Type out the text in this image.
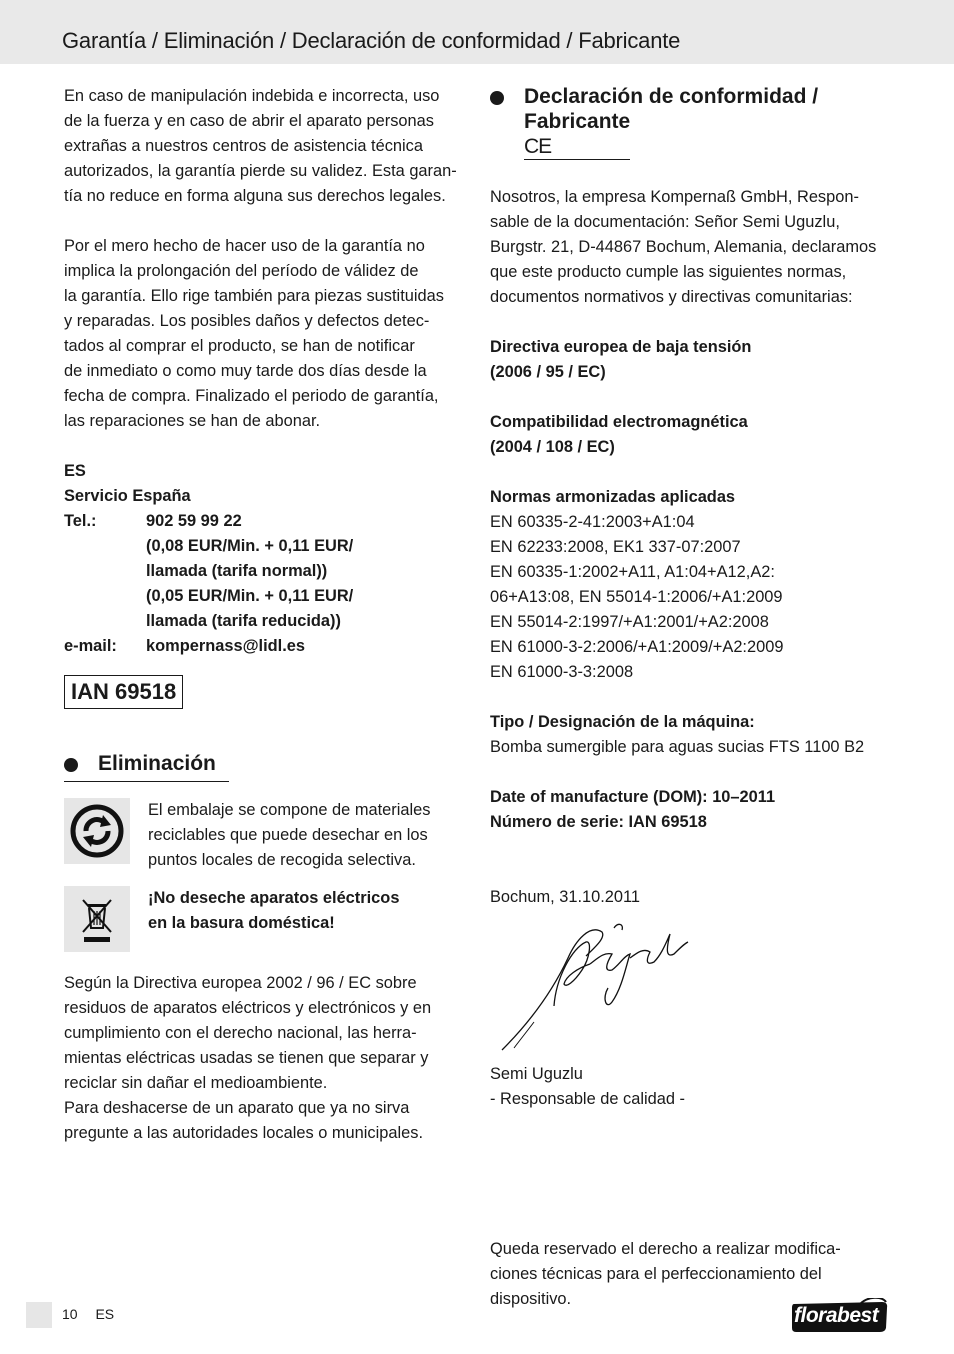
Garantía / Eliminación / Declaración de conformidad / Fabricante

En caso de manipulación indebida e incorrecta, uso
de la fuerza y en caso de abrir el aparato personas
extrañas a nuestros centros de asistencia técnica
autorizados, la garantía pierde su validez. Esta garan-
tía no reduce en forma alguna sus derechos legales.

Por el mero hecho de hacer uso de la garantía no
implica la prolongación del período de válidez de
la garantía. Ello rige también para piezas sustituidas
y reparadas. Los posibles daños y defectos detec-
tados al comprar el producto, se han de notificar
de inmediato o como muy tarde dos días desde la
fecha de compra. Finalizado el periodo de garantía,
las reparaciones se han de abonar.

ES
Servicio España
Tel.:	902 59 99 22
(0,08 EUR/Min. + 0,11 EUR/
llamada (tarifa normal))
(0,05 EUR/Min. + 0,11 EUR/
llamada (tarifa reducida))
e-mail:	kompernass@lidl.es
IAN 69518
Eliminación

El embalaje se compone de materiales
reciclables que puede desechar en los
puntos locales de recogida selectiva.

¡No deseche aparatos eléctricos
en la basura doméstica!

Según la Directiva europea 2002 / 96 / EC sobre
residuos de aparatos eléctricos y electrónicos y en
cumplimiento con el derecho nacional, las herra-
mientas eléctricas usadas se tienen que separar y
reciclar sin dañar el medioambiente.
Para deshacerse de un aparato que ya no sirva
pregunte a las autoridades locales o municipales.

Declaración de conformidad /
Fabricante
CE

Nosotros, la empresa Kompernaß GmbH, Respon-
sable de la documentación: Señor Semi Uguzlu,
Burgstr. 21, D-44867 Bochum, Alemania, declaramos
que este producto cumple las siguientes normas,
documentos normativos y directivas comunitarias:

Directiva europea de baja tensión
(2006 / 95 / EC)

Compatibilidad electromagnética
(2004 / 108 / EC)

Normas armonizadas aplicadas

EN 60335-2-41:2003+A1:04
EN 62233:2008, EK1 337-07:2007
EN 60335-1:2002+A11, A1:04+A12,A2:
06+A13:08, EN 55014-1:2006/+A1:2009
EN 55014-2:1997/+A1:2001/+A2:2008
EN 61000-3-2:2006/+A1:2009/+A2:2009
EN 61000-3-3:2008

Tipo / Designación de la máquina:

Bomba sumergible para aguas sucias FTS 1100 B2

Date of manufacture (DOM): 10–2011

Número de serie: IAN 69518

Bochum, 31.10.2011

Semi Uguzlu

- Responsable de calidad -

Queda reservado el derecho a realizar modifica-
ciones técnicas para el perfeccionamiento del
dispositivo.

10 ES	florabest
